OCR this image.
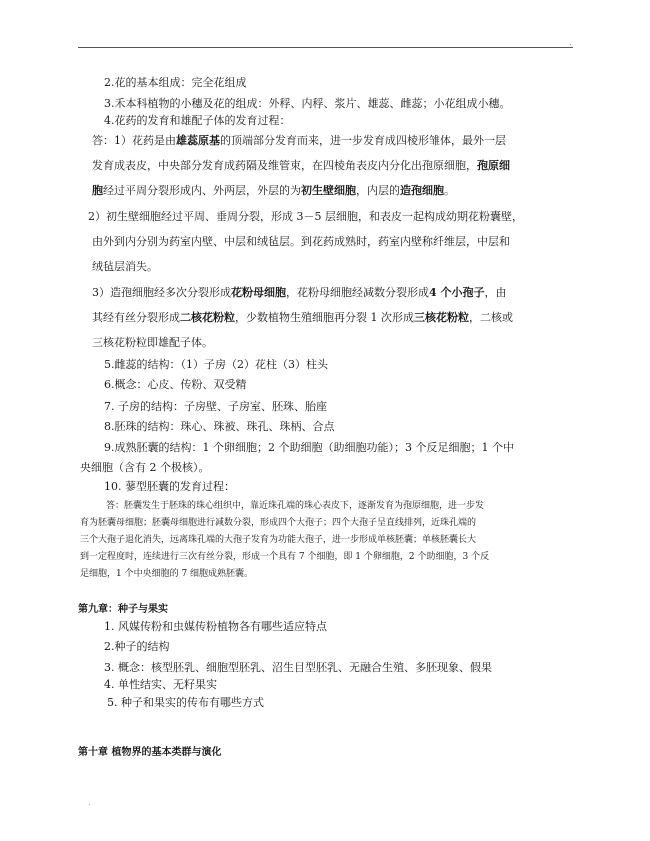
.
2.花的基本组成：完全花组成
3.禾本科植物的小穗及花的组成：外稃、内稃、浆片、雄蕊、雌蕊；小花组成小穗。
4.花药的发育和雄配子体的发育过程：
答：1）花药是由雄蕊原基的顶端部分发育而来，进一步发育成四棱形雏体，最外一层
发育成表皮，中央部分发育成药隔及维管束，在四棱角表皮内分化出孢原细胞，孢原细
胞经过平周分裂形成内、外两层，外层的为初生壁细胞，内层的造孢细胞。
2）初生壁细胞经过平周、垂周分裂，形成 3－5 层细胞，和表皮一起构成幼期花粉囊壁，
由外到内分别为药室内壁、中层和绒毡层。到花药成熟时，药室内壁称纤维层，中层和
绒毡层消失。
3）造孢细胞经多次分裂形成花粉母细胞，花粉母细胞经减数分裂形成4 个小孢子，由
其经有丝分裂形成二核花粉粒，少数植物生殖细胞再分裂 1 次形成三核花粉粒，二核或
三核花粉粒即雄配子体。
5.雌蕊的结构：（1）子房（2）花柱（3）柱头
6.概念：心皮、传粉、双受精
7. 子房的结构：子房壁、子房室、胚珠、胎座
8.胚珠的结构：珠心、珠被、珠孔、珠柄、合点
9.成熟胚囊的结构：1 个卵细胞；2 个助细胞（助细胞功能）；3 个反足细胞；1 个中
央细胞（含有 2 个极核）。
10. 蓼型胚囊的发育过程：
答：胚囊发生于胚珠的珠心组织中，靠近珠孔端的珠心表皮下，逐渐发育为孢原细胞，进一步发
育为胚囊母细胞；胚囊母细胞进行减数分裂，形成四个大孢子；四个大孢子呈直线排列，近珠孔端的
三个大孢子退化消失，远离珠孔端的大孢子发育为功能大孢子，进一步形成单核胚囊；单核胚囊长大
到一定程度时，连续进行三次有丝分裂，形成一个具有 7 个细胞，即 1 个卵细胞，2 个助细胞，3 个反
足细胞，1 个中央细胞的 7 细胞成熟胚囊。
第九章：种子与果实
1. 风媒传粉和虫媒传粉植物各有哪些适应特点
2.种子的结构
3. 概念：核型胚乳、细胞型胚乳、沼生目型胚乳、无融合生殖、多胚现象、假果
4. 单性结实、无籽果实
5. 种子和果实的传布有哪些方式
第十章 植物界的基本类群与演化
.
